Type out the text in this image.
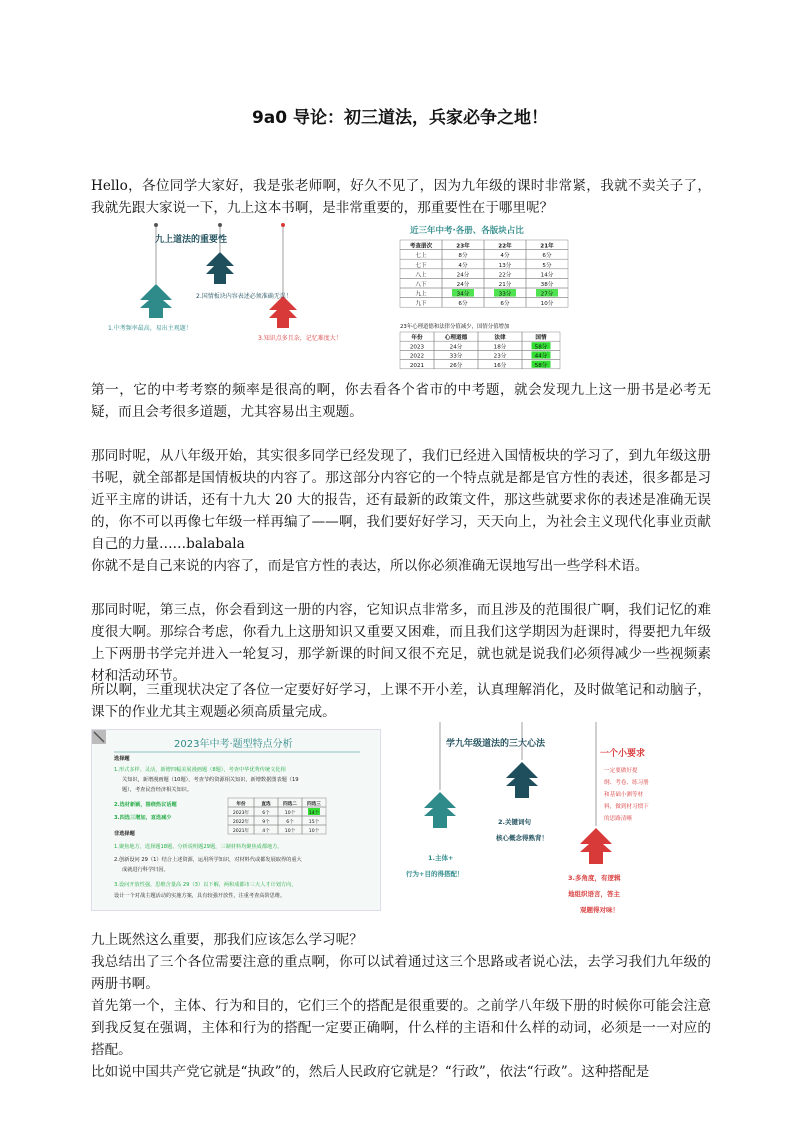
9a0 导论：初三道法，兵家必争之地！

Hello，各位同学大家好，我是张老师啊，好久不见了，因为九年级的课时非常紧，我就不卖关子了，我就先跟大家说一下，九上这本书啊，是非常重要的，那重要性在于哪里呢？

九上道法的重要性
1.中考频率最高，易出主观题！
2.国情板块内容表述必须准确无误！
3.知识点多且杂，记忆难度大！
近三年中考·各册、各版块占比
考查册次	23年	22年	21年
七上	8分	4分	6分
七下	4分	13分	5分
八上	24分	22分	14分
八下	24分	21分	38分
九上	34分	33分	27分
九下	6分	6分	10分
23年心理道德和法律分值减少，国情分值增加
年份	心理道德	法律	国情
2023	24分	18分	58分
2022	33分	23分	44分
2021	26分	16分	58分

第一，它的中考考察的频率是很高的啊，你去看各个省市的中考题，就会发现九上这一册书是必考无疑，而且会考很多道题，尤其容易出主观题。

那同时呢，从八年级开始，其实很多同学已经发现了，我们已经进入国情板块的学习了，到九年级这册书呢，就全部都是国情板块的内容了。那这部分内容它的一个特点就是都是官方性的表述，很多都是习近平主席的讲话，还有十九大 20 大的报告，还有最新的政策文件，那这些就要求你的表述是准确无误的，你不可以再像七年级一样再编了——啊，我们要好好学习，天天向上，为社会主义现代化事业贡献自己的力量……balabala

你就不是自己来说的内容了，而是官方性的表达，所以你必须准确无误地写出一些学科术语。

那同时呢，第三点，你会看到这一册的内容，它知识点非常多，而且涉及的范围很广啊，我们记忆的难度很大啊。那综合考虑，你看九上这册知识又重要又困难，而且我们这学期因为赶课时，得要把九年级上下两册书学完并进入一轮复习，那学新课的时间又很不充足，就也就是说我们必须得减少一些视频素材和活动环节。

所以啊，三重现状决定了各位一定要好好学习，上课不开小差，认真理解消化，及时做笔记和动脑子，课下的作业尤其主观题必须高质量完成。

2023年中考·题型特点分析
选择题
1.形式多样、灵活，新增四幅美展漫画题（8题），考查中华优秀传统文化相
关知识，新增漫画题（10题），考查节约资源相关知识，新增数据图表题（19
题），考查民营经济相关知识。
2.选材新颖，围绕热议话题
3.四选三增加，直选减少
非选择题
1.聚焦地方，选择题18题、分析说明题29题，三制材料均聚焦成都地方。
2.创新设问 29（1）结合上述资源，运用所学知识，对材料代或都发展取得的重大
成就进行科学归因。
3.设问开放性强，思维含量高 29（3）以下解，两和成都市三大人才计划方向，
设计一个对战主题活动的实施方案，具有较强开放性，注重考查高阶思维。
年份	直选	四选二 四选三
2023年	6个	10个	14个
2022年	9个	6个	15个
2021年	4个	10个	10个
学九年级道法的三大心法
1.主体+
行为+目的得搭配！
2.关键词句
核心概念得熟背！
一个小要求
一定要做好提
纲、考卷、练习册
和基础小测等材
料，做到材习惯下
的思路清晰
3.多角度，有逻辑
地组织语言，答主
观题得对味！

九上既然这么重要，那我们应该怎么学习呢？

我总结出了三个各位需要注意的重点啊，你可以试着通过这三个思路或者说心法，去学习我们九年级的两册书啊。

首先第一个，主体、行为和目的，它们三个的搭配是很重要的。之前学八年级下册的时候你可能会注意到我反复在强调，主体和行为的搭配一定要正确啊，什么样的主语和什么样的动词，必须是一一对应的搭配。

比如说中国共产党它就是“执政”的，然后人民政府它就是？“行政”，依法“行政”。这种搭配是
